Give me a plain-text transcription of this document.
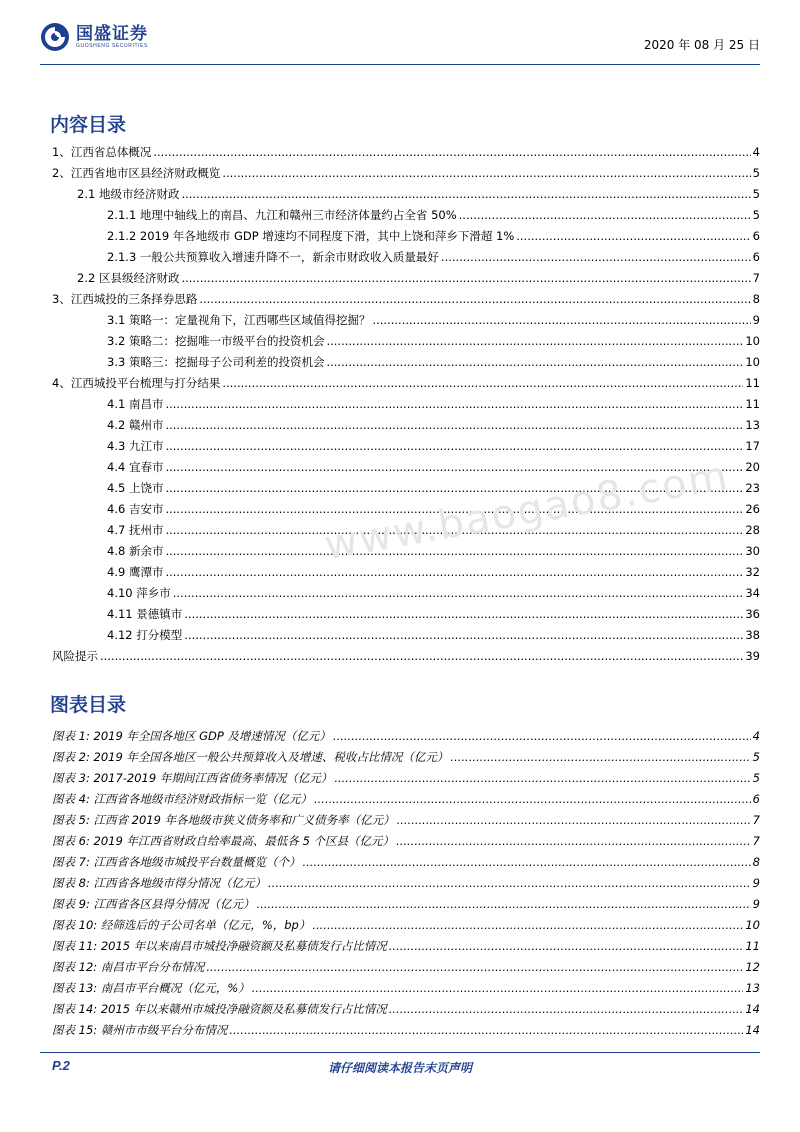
国盛证券
GUOSHENG SECURITIES	2020 年 08 月 25 日
内容目录
1、江西省总体概况 .....	4
2、江西省地市区县经济财政概览 .....	5
2.1 地级市经济财政 .....	5
2.1.1 地理中轴线上的南昌、九江和赣州三市经济体量约占全省 50% .....	5
2.1.2 2019 年各地级市 GDP 增速均不同程度下滑，其中上饶和萍乡下滑超 1% .....	6
2.1.3 一般公共预算收入增速升降不一，新余市财政收入质量最好 .....	6
2.2 区县级经济财政 .....	7
3、江西城投的三条择券思路 .....	8
3.1 策略一：定量视角下，江西哪些区域值得挖掘？ .....	9
3.2 策略二：挖掘唯一市级平台的投资机会 .....	10
3.3 策略三：挖掘母子公司利差的投资机会 .....	10
4、江西城投平台梳理与打分结果 .....	11
4.1 南昌市 .....	11
4.2 赣州市 .....	13
4.3 九江市 .....	17
4.4 宜春市 .....	20
4.5 上饶市 .....	23
4.6 吉安市 .....	26
4.7 抚州市 .....	28
4.8 新余市 .....	30
4.9 鹰潭市 .....	32
4.10 萍乡市 .....	34
4.11 景德镇市 .....	36
4.12 打分模型 .....	38
风险提示 .....	39
www.baogao8.com
图表目录
图表 1: 2019 年全国各地区 GDP 及增速情况（亿元） .....	4
图表 2: 2019 年全国各地区一般公共预算收入及增速、税收占比情况（亿元） .....	5
图表 3: 2017-2019 年期间江西省债务率情况（亿元） .....	5
图表 4: 江西省各地级市经济财政指标一览（亿元） .....	6
图表 5: 江西省 2019 年各地级市狭义债务率和广义债务率（亿元） .....	7
图表 6: 2019 年江西省财政自给率最高、最低各 5 个区县（亿元） .....	7
图表 7: 江西省各地级市城投平台数量概览（个） .....	8
图表 8: 江西省各地级市得分情况（亿元） .....	9
图表 9: 江西省各区县得分情况（亿元） .....	9
图表 10: 经筛选后的子公司名单（亿元，%，bp） .....	10
图表 11: 2015 年以来南昌市城投净融资额及私募债发行占比情况 .....	11
图表 12: 南昌市平台分布情况 .....	12
图表 13: 南昌市平台概况（亿元，%） .....	13
图表 14: 2015 年以来赣州市城投净融资额及私募债发行占比情况 .....	14
图表 15: 赣州市市级平台分布情况 .....	14
P.2	请仔细阅读本报告末页声明
